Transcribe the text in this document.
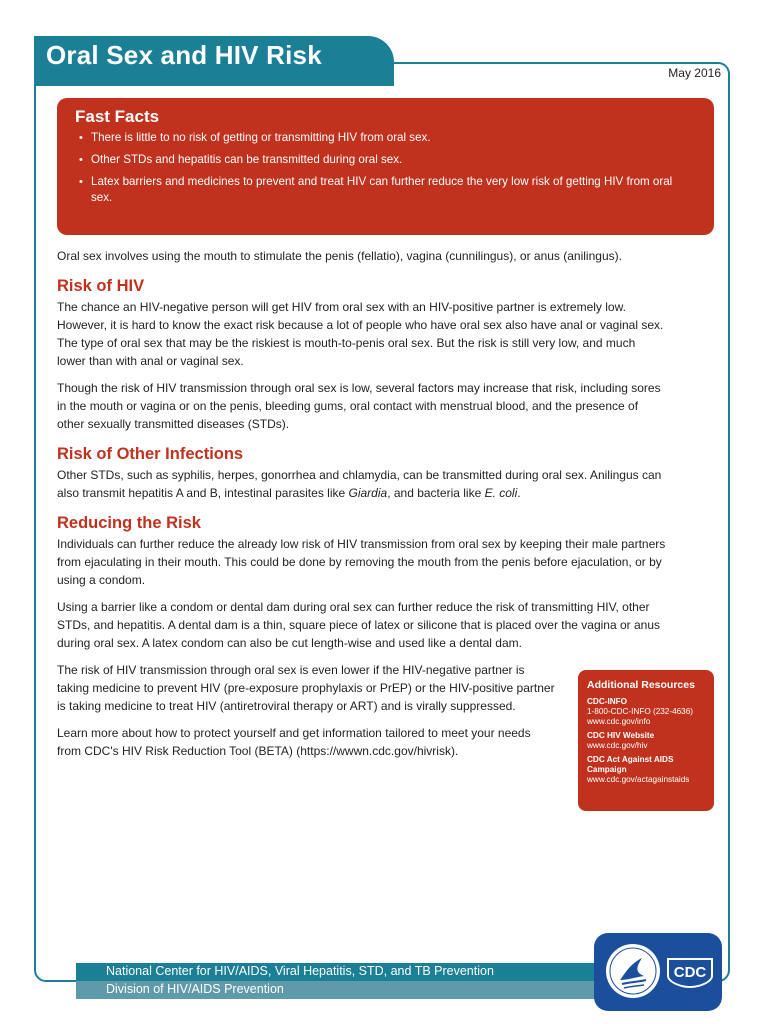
Oral Sex and HIV Risk
May 2016
Fast Facts
• There is little to no risk of getting or transmitting HIV from oral sex.
• Other STDs and hepatitis can be transmitted during oral sex.
• Latex barriers and medicines to prevent and treat HIV can further reduce the very low risk of getting HIV from oral sex.

Oral sex involves using the mouth to stimulate the penis (fellatio), vagina (cunnilingus), or anus (anilingus).

Risk of HIV

The chance an HIV-negative person will get HIV from oral sex with an HIV-positive partner is extremely low. However, it is hard to know the exact risk because a lot of people who have oral sex also have anal or vaginal sex. The type of oral sex that may be the riskiest is mouth-to-penis oral sex. But the risk is still very low, and much lower than with anal or vaginal sex.

Though the risk of HIV transmission through oral sex is low, several factors may increase that risk, including sores in the mouth or vagina or on the penis, bleeding gums, oral contact with menstrual blood, and the presence of other sexually transmitted diseases (STDs).

Risk of Other Infections

Other STDs, such as syphilis, herpes, gonorrhea and chlamydia, can be transmitted during oral sex. Anilingus can also transmit hepatitis A and B, intestinal parasites like Giardia, and bacteria like E. coli.

Reducing the Risk

Individuals can further reduce the already low risk of HIV transmission from oral sex by keeping their male partners from ejaculating in their mouth. This could be done by removing the mouth from the penis before ejaculation, or by using a condom.

Using a barrier like a condom or dental dam during oral sex can further reduce the risk of transmitting HIV, other STDs, and hepatitis. A dental dam is a thin, square piece of latex or silicone that is placed over the vagina or anus during oral sex. A latex condom can also be cut length-wise and used like a dental dam.

The risk of HIV transmission through oral sex is even lower if the HIV-negative partner is taking medicine to prevent HIV (pre-exposure prophylaxis or PrEP) or the HIV-positive partner is taking medicine to treat HIV (antiretroviral therapy or ART) and is virally suppressed.

Learn more about how to protect yourself and get information tailored to meet your needs from CDC's HIV Risk Reduction Tool (BETA) (https://wwwn.cdc.gov/hivrisk).

Additional Resources
CDC-INFO
1-800-CDC-INFO (232-4636)
www.cdc.gov/info
CDC HIV Website
www.cdc.gov/hiv
CDC Act Against AIDS Campaign
www.cdc.gov/actagainstaids
National Center for HIV/AIDS, Viral Hepatitis, STD, and TB Prevention
Division of HIV/AIDS Prevention
CDC
